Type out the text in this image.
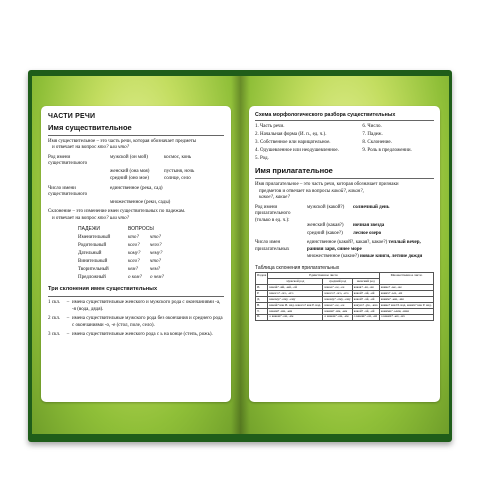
ЧАСТИ РЕЧИ
Имя существительное
Имя существительное – это часть речи, которая обозначает предметы
и отвечает на вопрос кто? или что?
Род имени существительного
мужской (он мой)	космос, конь
женский (она моя)	пустыня, ночь
средний (оно мое)	солнце, село
Число имени существительного
единственное (река, сад)
множественное (реки, сады)
Склонение – это изменение имен существительных по падежам.
и отвечает на вопрос кто? или что?
ПАДЕЖИ	ВОПРОСЫ
Именительный	кто?	что?
Родительный	кого?	чего?
Дательный	кому?	чему?
Винительный	кого?	что?
Творительный	кем?	чем?
Предложный	о ком?	о чем?
Три склонения имен существительных
1 скл.	– имена существительные женского и мужского рода с окончаниями -а, -я (вода, дядя).
2 скл.	– имена существительные мужского рода без окончания и среднего рода с окончаниями -о, -е (стол, поле, село).
3 скл.	– имена существительные женского рода с ь на конце (степь, рожь).
Схема морфологического разбора существительных
1. Часть речи.
2. Начальная форма (И. п., ед. ч.).
3. Собственное или нарицательное.
4. Одушевленное или неодушевленное.
5. Род.
6. Число.
7. Падеж.
8. Склонение.
9. Роль в предложении.
Имя прилагательное
Имя прилагательное – это часть речи, которая обозначает признаки
предметов и отвечает на вопросы какой?, какая?,
какое?, какие?
Род имени прилагательного (только в ед. ч.):
мужской (какой?)	солнечный день
женский (какая?)	ночная звезда
средний (какое?)	лесное озеро
Число имен прилагательных
единственное (какой?, какая?, какое?) теплый вечер, ранняя заря, синее море
множественное (какие?) новые книги, летние дожди
Таблица склонения прилагательных
Падеж	Единственное число			Множественное число
	мужской род	средний род	женский род	
И.	какой? -ий, -ый, -ой	какое? -ое, -ее	какая? -ая, -яя	какие? -ые, -ие
Р.	какого? -ого, -его	какого? -ого, -его	какой? -ой, -ей	каких? -ых, -их
Д.	какому? -ому, -ему	какому? -ому, -ему	какой? -ой, -ей	каким? -ым, -им
В.	какой? как И. над. какого? как Р. над.	какое? -ое, -ее	какую? -ую, -юю	какие? как И. над. каких? как Р. над.
Т.	каким? -им, -ым	каким? -им, -ым	какой? -ой, -ей	какими? -ыми, -ими
П.	о каком? -ом, -ем	о каком? -ом, -ем	о какой? -ой, -ей	о каких? -ых, -их
